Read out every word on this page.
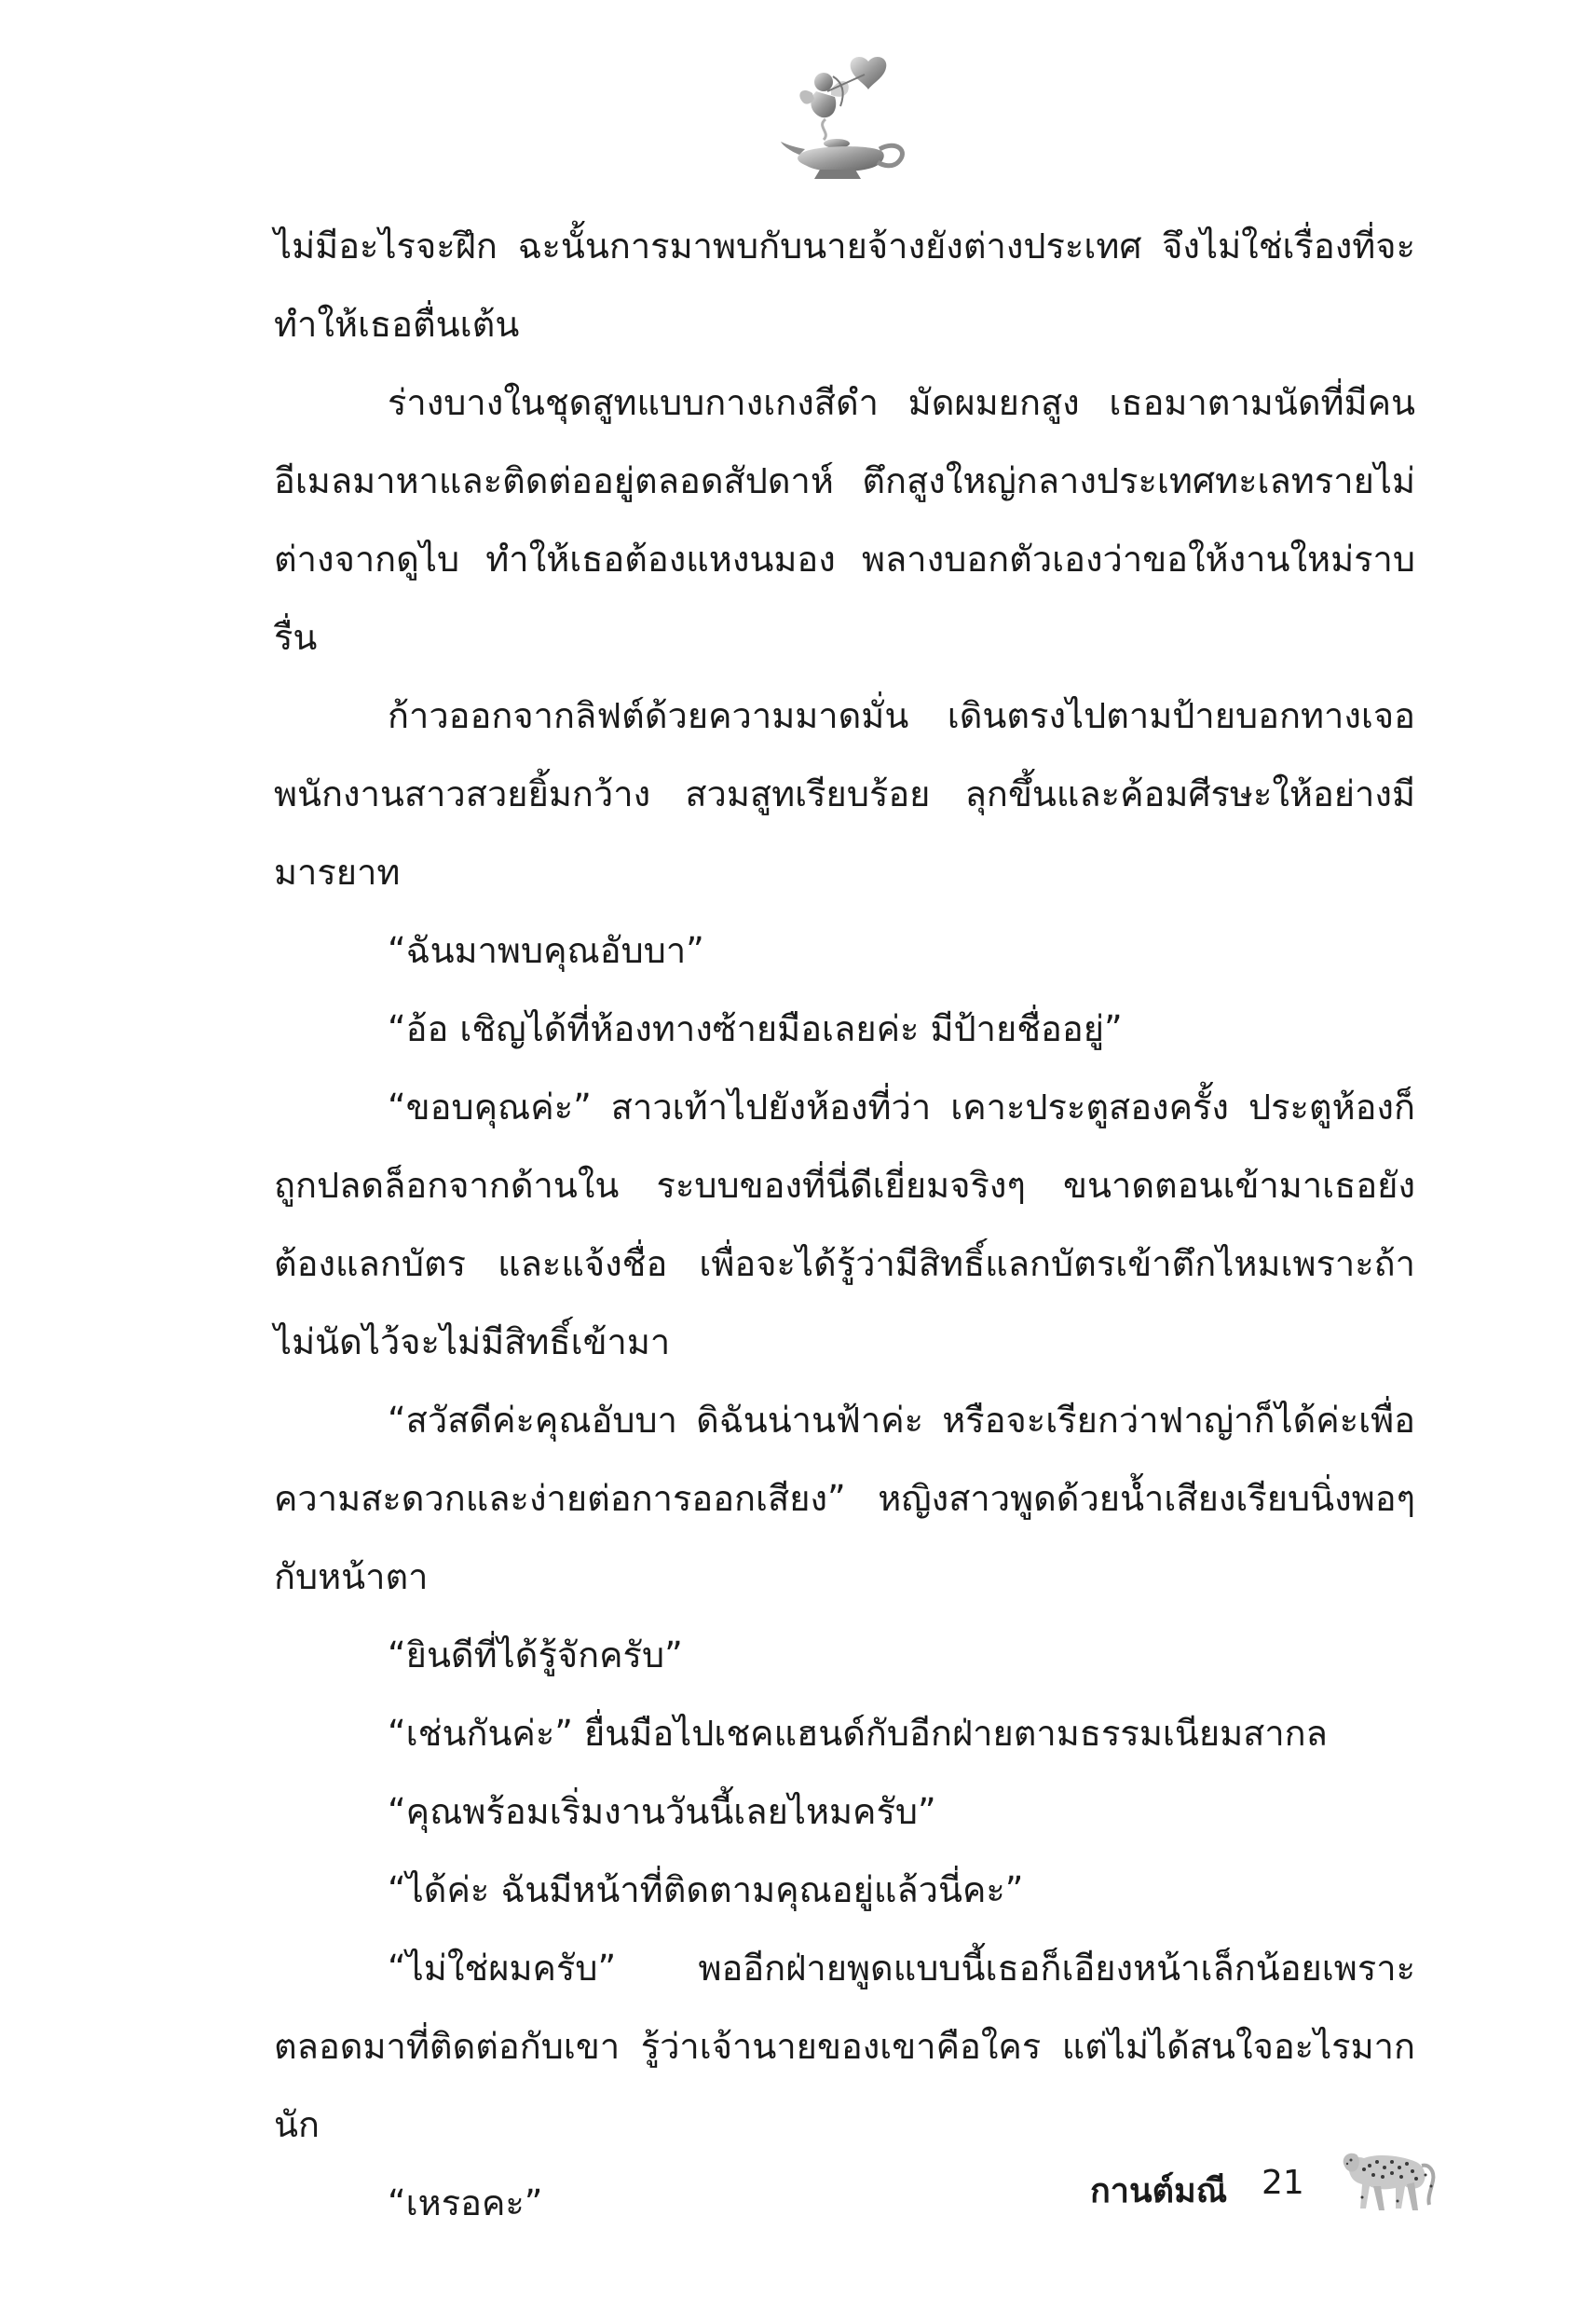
ไม่มีอะไรจะฝึก ฉะนั้นการมาพบกับนายจ้างยังต่างประเทศ จึงไม่ใช่เรื่องที่จะทำให้เธอตื่นเต้น

ร่างบางในชุดสูทแบบกางเกงสีดำ มัดผมยกสูง เธอมาตามนัดที่มีคนอีเมลมาหาและติดต่ออยู่ตลอดสัปดาห์ ตึกสูงใหญ่กลางประเทศทะเลทรายไม่ต่างจากดูไบ ทำให้เธอต้องแหงนมอง พลางบอกตัวเองว่าขอให้งานใหม่ราบรื่น

ก้าวออกจากลิฟต์ด้วยความมาดมั่น เดินตรงไปตามป้ายบอกทางเจอพนักงานสาวสวยยิ้มกว้าง สวมสูทเรียบร้อย ลุกขึ้นและค้อมศีรษะให้อย่างมีมารยาท

“ฉันมาพบคุณอับบา”

“อ้อ เชิญได้ที่ห้องทางซ้ายมือเลยค่ะ มีป้ายชื่ออยู่”

“ขอบคุณค่ะ” สาวเท้าไปยังห้องที่ว่า เคาะประตูสองครั้ง ประตูห้องก็ถูกปลดล็อกจากด้านใน ระบบของที่นี่ดีเยี่ยมจริงๆ ขนาดตอนเข้ามาเธอยังต้องแลกบัตร และแจ้งชื่อ เพื่อจะได้รู้ว่ามีสิทธิ์แลกบัตรเข้าตึกไหมเพราะถ้าไม่นัดไว้จะไม่มีสิทธิ์เข้ามา

“สวัสดีค่ะคุณอับบา ดิฉันน่านฟ้าค่ะ หรือจะเรียกว่าฟาญ่าก็ได้ค่ะเพื่อความสะดวกและง่ายต่อการออกเสียง” หญิงสาวพูดด้วยน้ำเสียงเรียบนิ่งพอๆ กับหน้าตา

“ยินดีที่ได้รู้จักครับ”

“เช่นกันค่ะ” ยื่นมือไปเชคแฮนด์กับอีกฝ่ายตามธรรมเนียมสากล

“คุณพร้อมเริ่มงานวันนี้เลยไหมครับ”

“ได้ค่ะ ฉันมีหน้าที่ติดตามคุณอยู่แล้วนี่คะ”

“ไม่ใช่ผมครับ” พออีกฝ่ายพูดแบบนี้เธอก็เอียงหน้าเล็กน้อยเพราะตลอดมาที่ติดต่อกับเขา รู้ว่าเจ้านายของเขาคือใคร แต่ไม่ได้สนใจอะไรมากนัก

“เหรอคะ”	กานต์มณี 21
